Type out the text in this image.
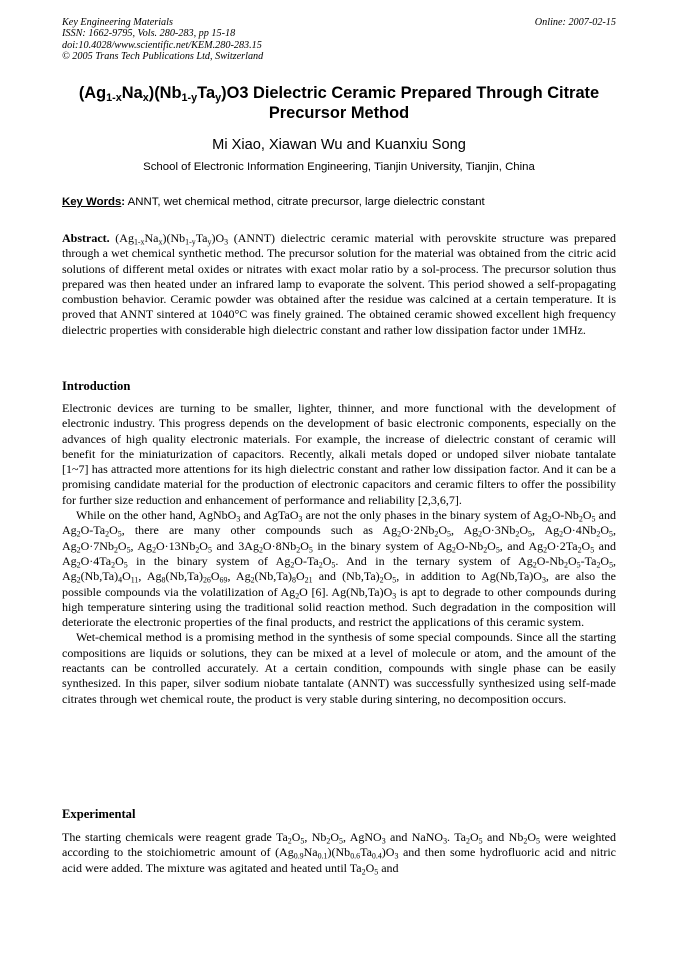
Key Engineering Materials
ISSN: 1662-9795, Vols. 280-283, pp 15-18
doi:10.4028/www.scientific.net/KEM.280-283.15
© 2005 Trans Tech Publications Ltd, Switzerland
Online: 2007-02-15
$(Ag_{1-x}Na_x)(Nb_{1-y}Ta_y)O3$ Dielectric Ceramic Prepared Through Citrate
Precursor Method
Mi Xiao, Xiawan Wu and Kuanxiu Song
School of Electronic Information Engineering, Tianjin University, Tianjin, China
Key Words: ANNT, wet chemical method, citrate precursor, large dielectric constant

Abstract. $(Ag_{1-x}Na_x)(Nb_{1-y}Ta_y)O_3$ (ANNT) dielectric ceramic material with perovskite structure was prepared through a wet chemical synthetic method. The precursor solution for the material was obtained from the citric acid solutions of different metal oxides or nitrates with exact molar ratio by a sol-process. The precursor solution thus prepared was then heated under an infrared lamp to evaporate the solvent. This period showed a self-propagating combustion behavior. Ceramic powder was obtained after the residue was calcined at a certain temperature. It is proved that ANNT sintered at 1040°C was finely grained. The obtained ceramic showed excellent high frequency dielectric properties with considerable high dielectric constant and rather low dissipation factor under 1MHz.

Introduction

Electronic devices are turning to be smaller, lighter, thinner, and more functional with the development of electronic industry. This progress depends on the development of basic electronic components, especially on the advances of high quality electronic materials. For example, the increase of dielectric constant of ceramic will benefit for the miniaturization of capacitors. Recently, alkali metals doped or undoped silver niobate tantalate [1~7] has attracted more attentions for its high dielectric constant and rather low dissipation factor. And it can be a promising candidate material for the production of electronic capacitors and ceramic filters to offer the possibility for further size reduction and enhancement of performance and reliability [2,3,6,7].

While on the other hand, AgNbO$_3$ and AgTaO$_3$ are not the only phases in the binary system of $Ag_2O-Nb_2O_5$ and $Ag_2O-Ta_2O_5$, there are many other compounds such as $Ag_2O\cdot 2Nb_2O_5$, $Ag_2O\cdot 3Nb_2O_5$, $Ag_2O\cdot 4Nb_2O_5$, $Ag_2O\cdot 7Nb_2O_5$, $Ag_2O\cdot 13Nb_2O_5$ and $3Ag_2O\cdot 8Nb_2O_5$ in the binary system of $Ag_2O-Nb_2O_5$, and $Ag_2O\cdot 2Ta_2O_5$ and $Ag_2O\cdot 4Ta_2O_5$ in the binary system of $Ag_2O-Ta_2O_5$. And in the ternary system of $Ag_2O-Nb_2O_5-Ta_2O_5$, $Ag_2(Nb,Ta)_4O_{11}$, $Ag_8(Nb,Ta)_{26}O_{69}$, $Ag_2(Nb,Ta)_8O_{21}$ and $(Nb,Ta)_2O_5$, in addition to $Ag(Nb,Ta)O_3$, are also the possible compounds via the volatilization of $Ag_2O$ [6]. $Ag(Nb,Ta)O_3$ is apt to degrade to other compounds during high temperature sintering using the traditional solid reaction method. Such degradation in the composition will deteriorate the electronic properties of the final products, and restrict the applications of this ceramic system.

Wet-chemical method is a promising method in the synthesis of some special compounds. Since all the starting compositions are liquids or solutions, they can be mixed at a level of molecule or atom, and the amount of the reactants can be controlled accurately. At a certain condition, compounds with single phase can be easily synthesized. In this paper, silver sodium niobate tantalate (ANNT) was successfully synthesized using self-made citrates through wet chemical route, the product is very stable during sintering, no decomposition occurs.

Experimental

The starting chemicals were reagent grade $Ta_2O_5$, $Nb_2O_5$, AgNO$_3$ and NaNO$_3$. $Ta_2O_5$ and $Nb_2O_5$ were weighted according to the stoichiometric amount of $(Ag_{0.9}Na_{0.1})(Nb_{0.6}Ta_{0.4})O_3$ and then some hydrofluoric acid and nitric acid were added. The mixture was agitated and heated until $Ta_2O_5$ and
